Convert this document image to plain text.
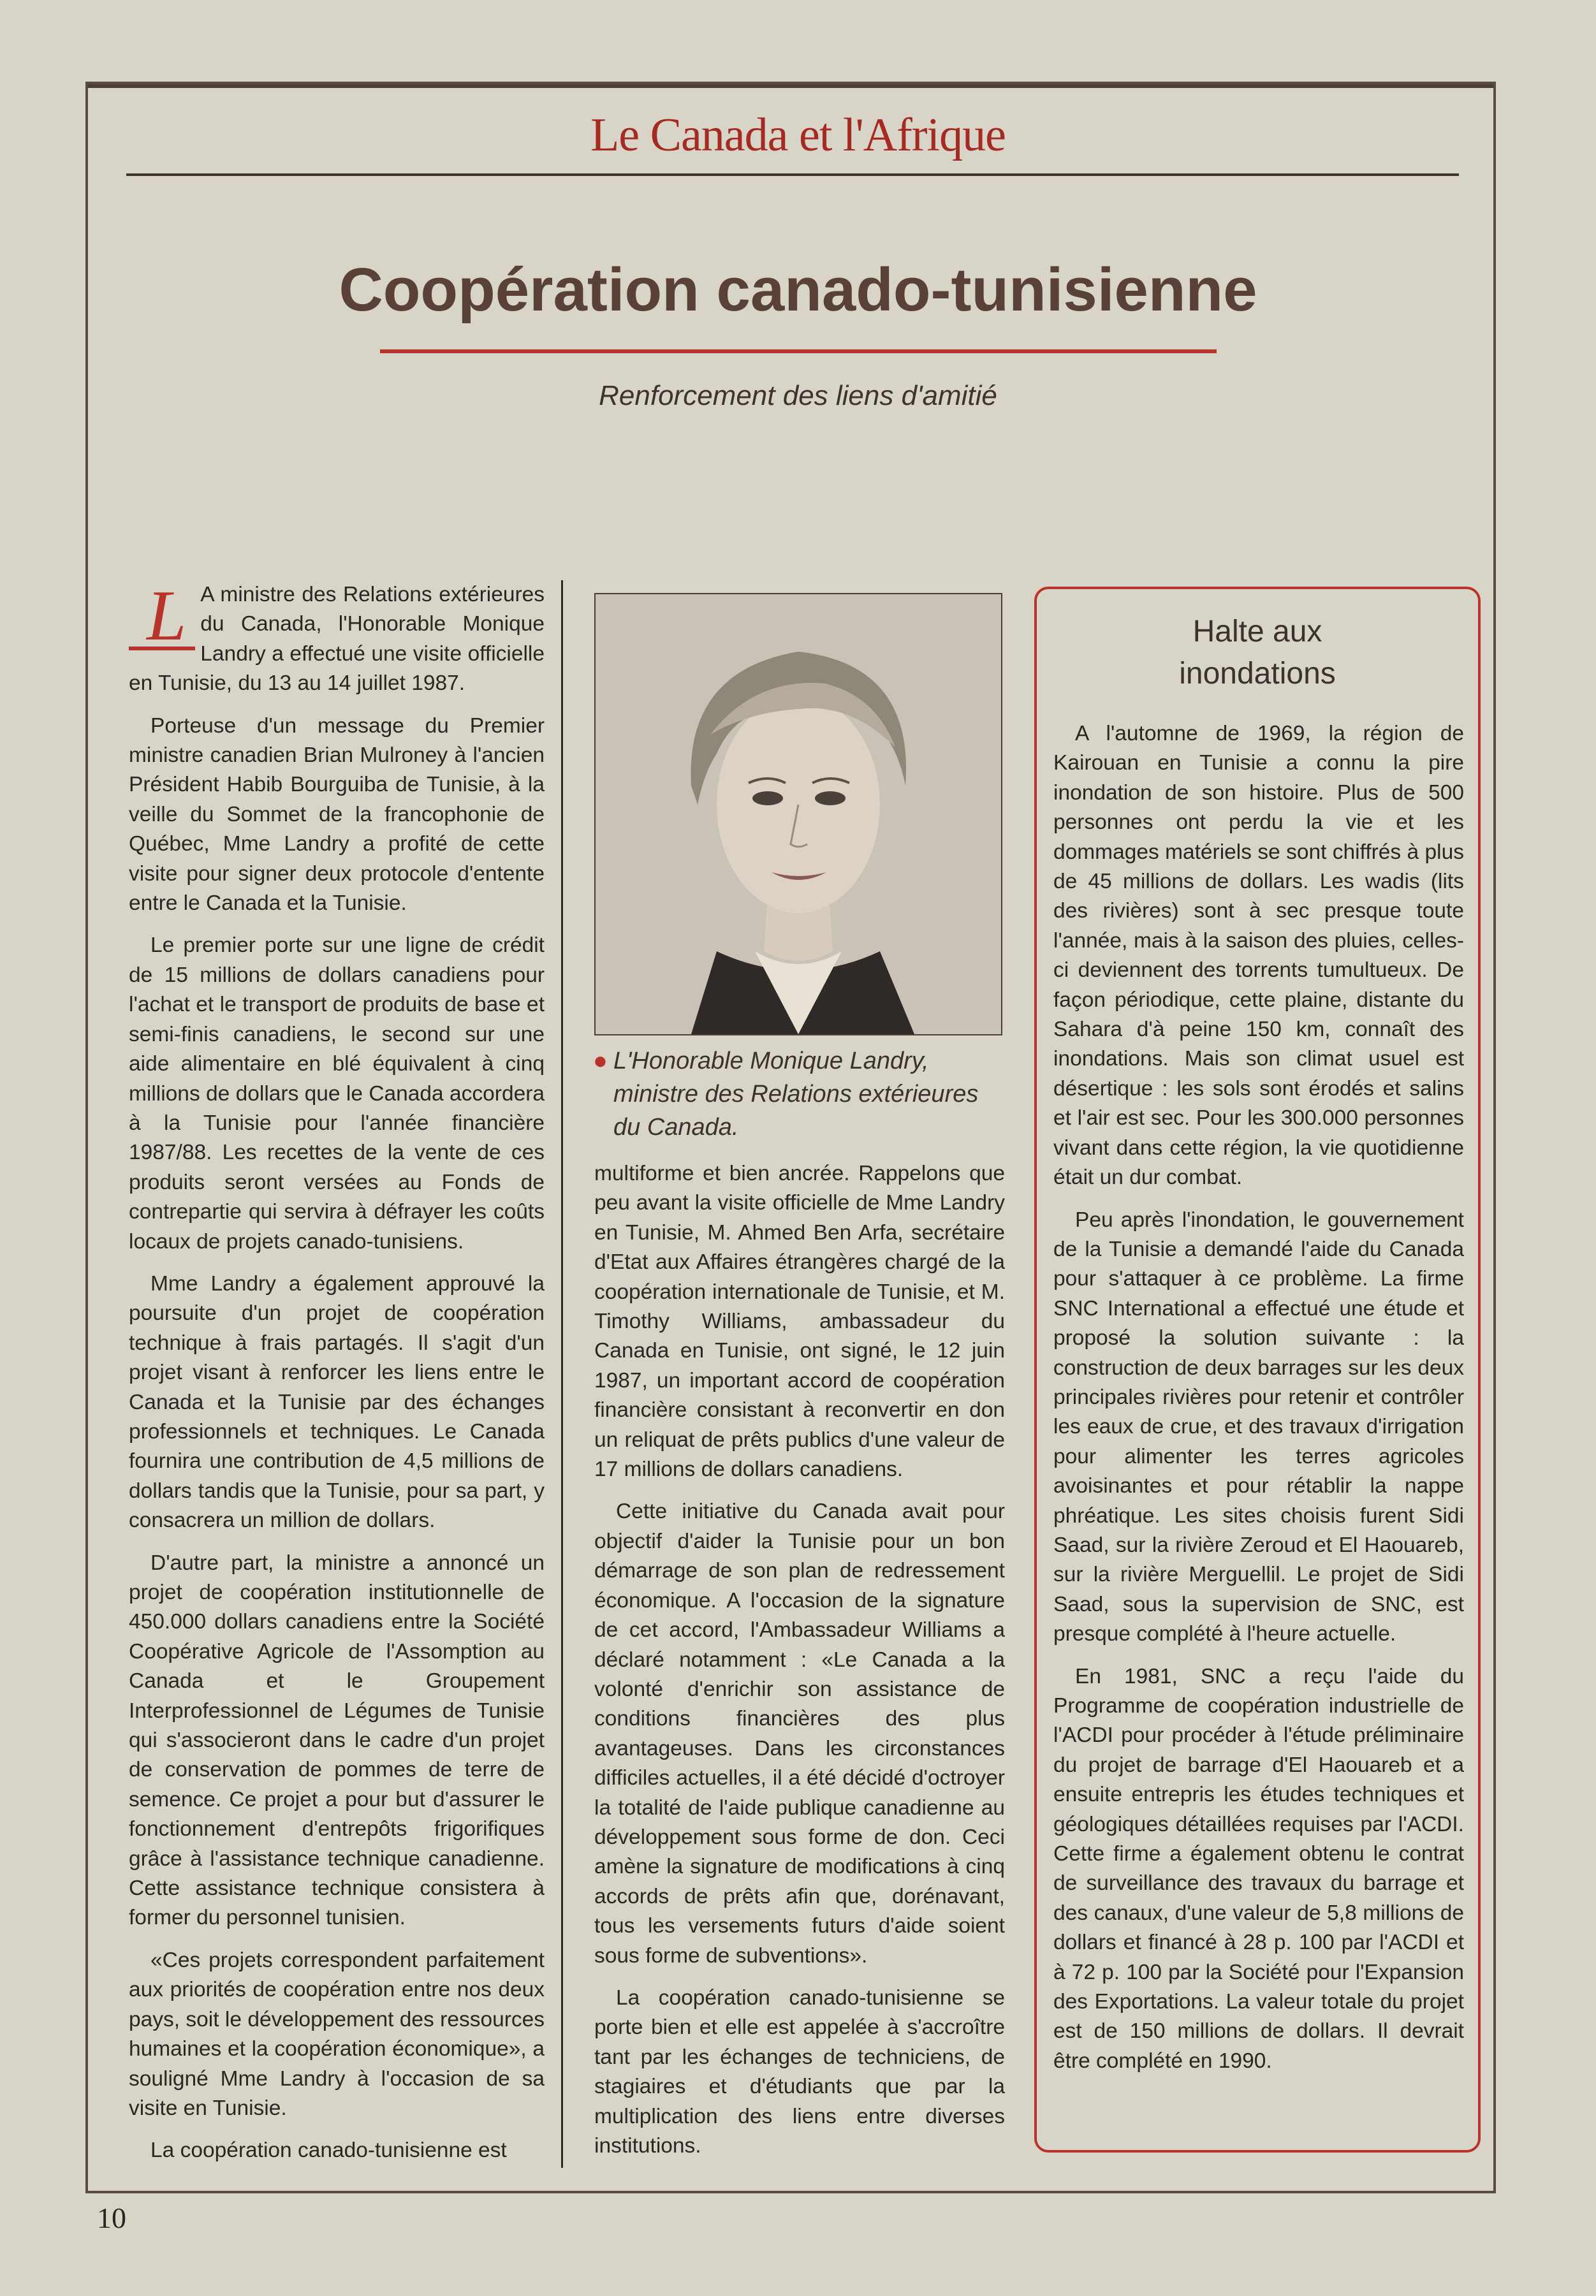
Le Canada et l'Afrique
Coopération canado-tunisienne
Renforcement des liens d'amitié

L A ministre des Relations extérieures du Canada, l'Honorable Monique Landry a effectué une visite officielle en Tunisie, du 13 au 14 juillet 1987.

Porteuse d'un message du Premier ministre canadien Brian Mulroney à l'ancien Président Habib Bourguiba de Tunisie, à la veille du Sommet de la francophonie de Québec, Mme Landry a profité de cette visite pour signer deux protocole d'entente entre le Canada et la Tunisie.

Le premier porte sur une ligne de crédit de 15 millions de dollars canadiens pour l'achat et le transport de produits de base et semi-finis canadiens, le second sur une aide alimentaire en blé équivalent à cinq millions de dollars que le Canada accordera à la Tunisie pour l'année financière 1987/88. Les recettes de la vente de ces produits seront versées au Fonds de contrepartie qui servira à défrayer les coûts locaux de projets canado-tunisiens.

Mme Landry a également approuvé la poursuite d'un projet de coopération technique à frais partagés. Il s'agit d'un projet visant à renforcer les liens entre le Canada et la Tunisie par des échanges professionnels et techniques. Le Canada fournira une contribution de 4,5 millions de dollars tandis que la Tunisie, pour sa part, y consacrera un million de dollars.

D'autre part, la ministre a annoncé un projet de coopération institutionnelle de 450.000 dollars canadiens entre la Société Coopérative Agricole de l'Assomption au Canada et le Groupement Interprofessionnel de Légumes de Tunisie qui s'associeront dans le cadre d'un projet de conservation de pommes de terre de semence. Ce projet a pour but d'assurer le fonctionnement d'entrepôts frigorifiques grâce à l'assistance technique canadienne. Cette assistance technique consistera à former du personnel tunisien.

«Ces projets correspondent parfaitement aux priorités de coopération entre nos deux pays, soit le développement des ressources humaines et la coopération économique», a souligné Mme Landry à l'occasion de sa visite en Tunisie.

La coopération canado-tunisienne est

● L'Honorable Monique Landry, ministre des Relations extérieures du Canada.

multiforme et bien ancrée. Rappelons que peu avant la visite officielle de Mme Landry en Tunisie, M. Ahmed Ben Arfa, secrétaire d'Etat aux Affaires étrangères chargé de la coopération internationale de Tunisie, et M. Timothy Williams, ambassadeur du Canada en Tunisie, ont signé, le 12 juin 1987, un important accord de coopération financière consistant à reconvertir en don un reliquat de prêts publics d'une valeur de 17 millions de dollars canadiens.

Cette initiative du Canada avait pour objectif d'aider la Tunisie pour un bon démarrage de son plan de redressement économique. A l'occasion de la signature de cet accord, l'Ambassadeur Williams a déclaré notamment : «Le Canada a la volonté d'enrichir son assistance de conditions financières des plus avantageuses. Dans les circonstances difficiles actuelles, il a été décidé d'octroyer la totalité de l'aide publique canadienne au développement sous forme de don. Ceci amène la signature de modifications à cinq accords de prêts afin que, dorénavant, tous les versements futurs d'aide soient sous forme de subventions».

La coopération canado-tunisienne se porte bien et elle est appelée à s'accroître tant par les échanges de techniciens, de stagiaires et d'étudiants que par la multiplication des liens entre diverses institutions.

Halte aux
inondations

A l'automne de 1969, la région de Kairouan en Tunisie a connu la pire inondation de son histoire. Plus de 500 personnes ont perdu la vie et les dommages matériels se sont chiffrés à plus de 45 millions de dollars. Les wadis (lits des rivières) sont à sec presque toute l'année, mais à la saison des pluies, celles-ci deviennent des torrents tumultueux. De façon périodique, cette plaine, distante du Sahara d'à peine 150 km, connaît des inondations. Mais son climat usuel est désertique : les sols sont érodés et salins et l'air est sec. Pour les 300.000 personnes vivant dans cette région, la vie quotidienne était un dur combat.

Peu après l'inondation, le gouvernement de la Tunisie a demandé l'aide du Canada pour s'attaquer à ce problème. La firme SNC International a effectué une étude et proposé la solution suivante : la construction de deux barrages sur les deux principales rivières pour retenir et contrôler les eaux de crue, et des travaux d'irrigation pour alimenter les terres agricoles avoisinantes et pour rétablir la nappe phréatique. Les sites choisis furent Sidi Saad, sur la rivière Zeroud et El Haouareb, sur la rivière Merguellil. Le projet de Sidi Saad, sous la supervision de SNC, est presque complété à l'heure actuelle.

En 1981, SNC a reçu l'aide du Programme de coopération industrielle de l'ACDI pour procéder à l'étude préliminaire du projet de barrage d'El Haouareb et a ensuite entrepris les études techniques et géologiques détaillées requises par l'ACDI. Cette firme a également obtenu le contrat de surveillance des travaux du barrage et des canaux, d'une valeur de 5,8 millions de dollars et financé à 28 p. 100 par l'ACDI et à 72 p. 100 par la Société pour l'Expansion des Exportations. La valeur totale du projet est de 150 millions de dollars. Il devrait être complété en 1990.

10
